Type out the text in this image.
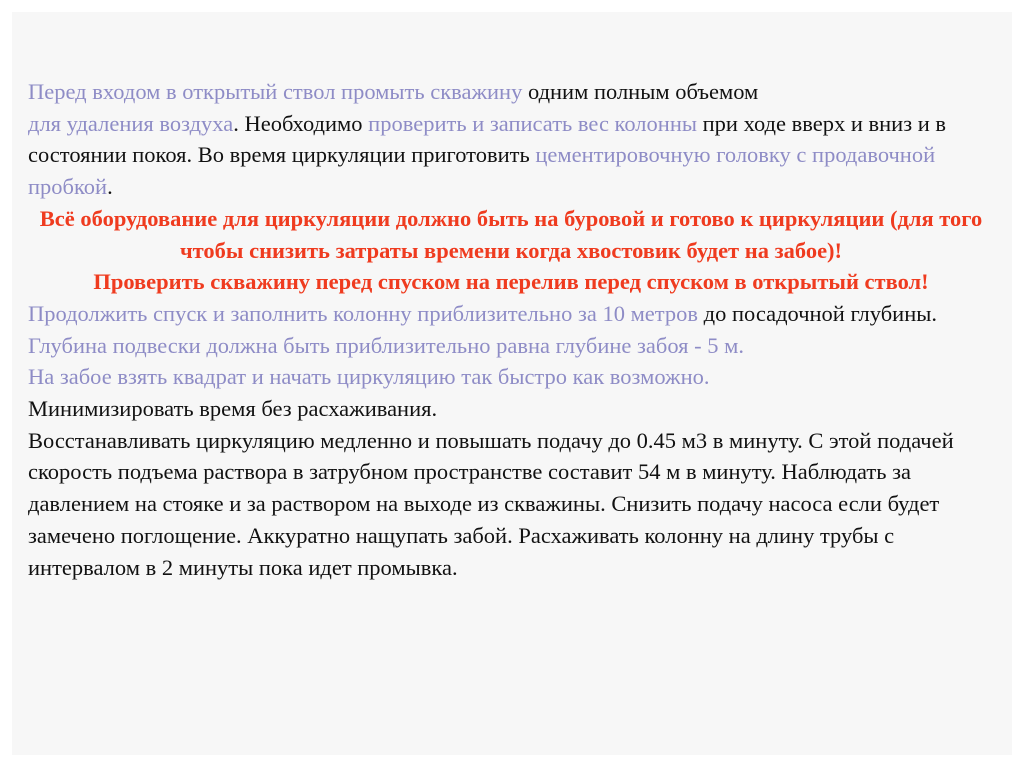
Перед входом в открытый ствол промыть скважину одним полным объемом
для удаления воздуха. Необходимо проверить и записать вес колонны при ходе вверх и вниз и в состоянии покоя. Во время циркуляции приготовить цементировочную головку с продавочной пробкой.

Всё оборудование для циркуляции должно быть на буровой и готово к циркуляции (для того чтобы снизить затраты времени когда хвостовик будет на забое)!

Проверить скважину перед спуском на перелив перед спуском в открытый ствол!

Продолжить спуск и заполнить колонну приблизительно за 10 метров до посадочной глубины. Глубина подвески должна быть приблизительно равна глубине забоя - 5 м.

На забое взять квадрат и начать циркуляцию так быстро как возможно.

Минимизировать время без расхаживания.

Восстанавливать циркуляцию медленно и повышать подачу до 0.45 м3 в минуту. С этой подачей скорость подъема раствора в затрубном пространстве составит 54 м в минуту. Наблюдать за давлением на стояке и за раствором на выходе из скважины. Снизить подачу насоса если будет замечено поглощение. Аккуратно нащупать забой. Расхаживать колонну на длину трубы с интервалом в 2 минуты пока идет промывка.
